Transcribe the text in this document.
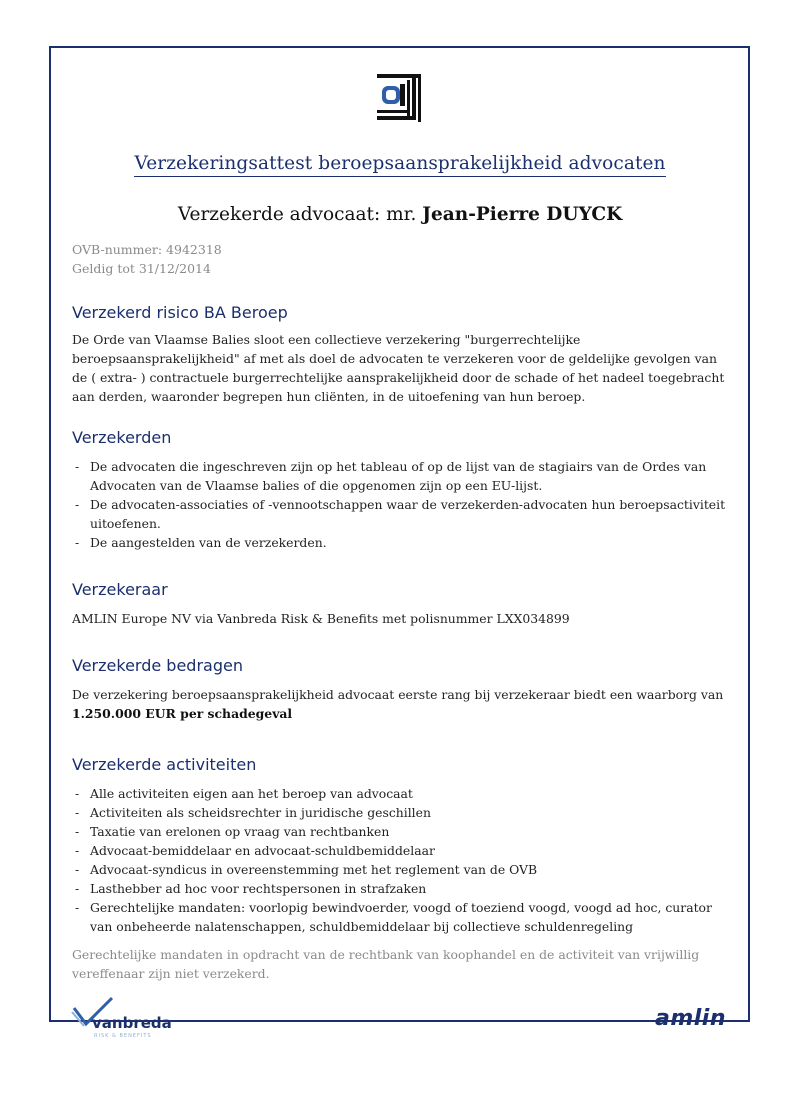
Verzekeringsattest beroepsaansprakelijkheid advocaten
Verzekerde advocaat: mr. Jean-Pierre DUYCK
OVB-nummer: 4942318
Geldig tot 31/12/2014
Verzekerd risico BA Beroep
De Orde van Vlaamse Balies sloot een collectieve verzekering "burgerrechtelijke beroepsaansprakelijkheid" af met als doel de advocaten te verzekeren voor de geldelijke gevolgen van de ( extra- ) contractuele burgerrechtelijke aansprakelijkheid door de schade of het nadeel toegebracht aan derden, waaronder begrepen hun cliënten, in de uitoefening van hun beroep.
Verzekerden
- De advocaten die ingeschreven zijn op het tableau of op de lijst van de stagiairs van de Ordes van Advocaten van de Vlaamse balies of die opgenomen zijn op een EU-lijst.
- De advocaten-associaties of -vennootschappen waar de verzekerden-advocaten hun beroepsactiviteit uitoefenen.
- De aangestelden van de verzekerden.
Verzekeraar
AMLIN Europe NV via Vanbreda Risk & Benefits met polisnummer LXX034899
Verzekerde bedragen
De verzekering beroepsaansprakelijkheid advocaat eerste rang bij verzekeraar biedt een waarborg van
1.250.000 EUR per schadegeval
Verzekerde activiteiten
- Alle activiteiten eigen aan het beroep van advocaat
- Activiteiten als scheidsrechter in juridische geschillen
- Taxatie van erelonen op vraag van rechtbanken
- Advocaat-bemiddelaar en advocaat-schuldbemiddelaar
- Advocaat-syndicus in overeenstemming met het reglement van de OVB
- Lasthebber ad hoc voor rechtspersonen in strafzaken
- Gerechtelijke mandaten: voorlopig bewindvoerder, voogd of toeziend voogd, voogd ad hoc, curator van onbeheerde nalatenschappen, schuldbemiddelaar bij collectieve schuldenregeling
Gerechtelijke mandaten in opdracht van de rechtbank van koophandel en de activiteit van vrijwillig vereffenaar zijn niet verzekerd.
vanbreda
RISK & BENEFITS
amlin
